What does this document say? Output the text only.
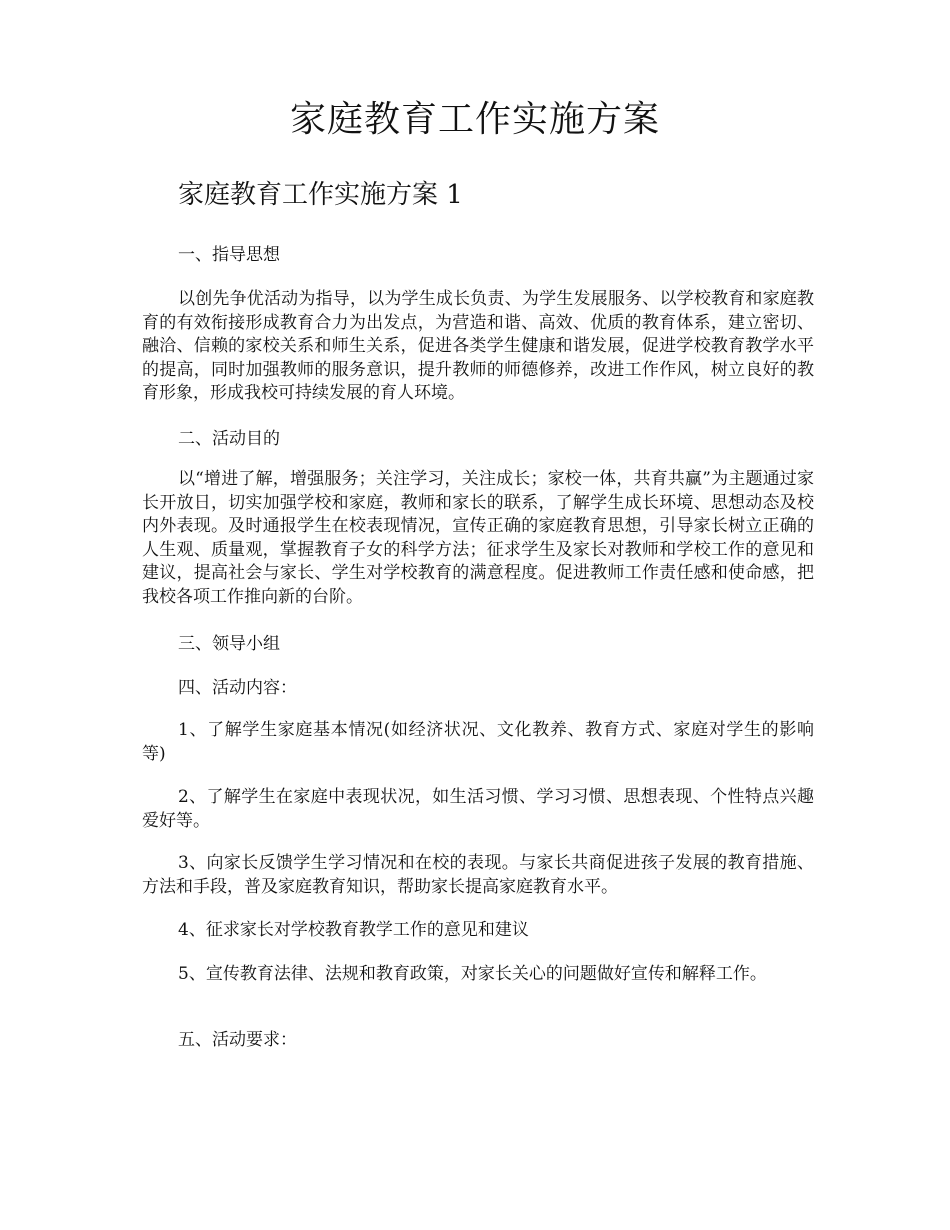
家庭教育工作实施方案
家庭教育工作实施方案 1

一、指导思想

以创先争优活动为指导，以为学生成长负责、为学生发展服务、以学校教育和家庭教育的有效衔接形成教育合力为出发点，为营造和谐、高效、优质的教育体系，建立密切、融洽、信赖的家校关系和师生关系，促进各类学生健康和谐发展，促进学校教育教学水平的提高，同时加强教师的服务意识，提升教师的师德修养，改进工作作风，树立良好的教育形象，形成我校可持续发展的育人环境。

二、活动目的

以“增进了解，增强服务；关注学习，关注成长；家校一体，共育共赢”为主题通过家长开放日，切实加强学校和家庭，教师和家长的联系，了解学生成长环境、思想动态及校内外表现。及时通报学生在校表现情况，宣传正确的家庭教育思想，引导家长树立正确的人生观、质量观，掌握教育子女的科学方法；征求学生及家长对教师和学校工作的意见和建议，提高社会与家长、学生对学校教育的满意程度。促进教师工作责任感和使命感，把我校各项工作推向新的台阶。

三、领导小组

四、活动内容：

1、了解学生家庭基本情况(如经济状况、文化教养、教育方式、家庭对学生的影响等)

2、了解学生在家庭中表现状况，如生活习惯、学习习惯、思想表现、个性特点兴趣爱好等。

3、向家长反馈学生学习情况和在校的表现。与家长共商促进孩子发展的教育措施、方法和手段，普及家庭教育知识，帮助家长提高家庭教育水平。

4、征求家长对学校教育教学工作的意见和建议

5、宣传教育法律、法规和教育政策，对家长关心的问题做好宣传和解释工作。

五、活动要求：
